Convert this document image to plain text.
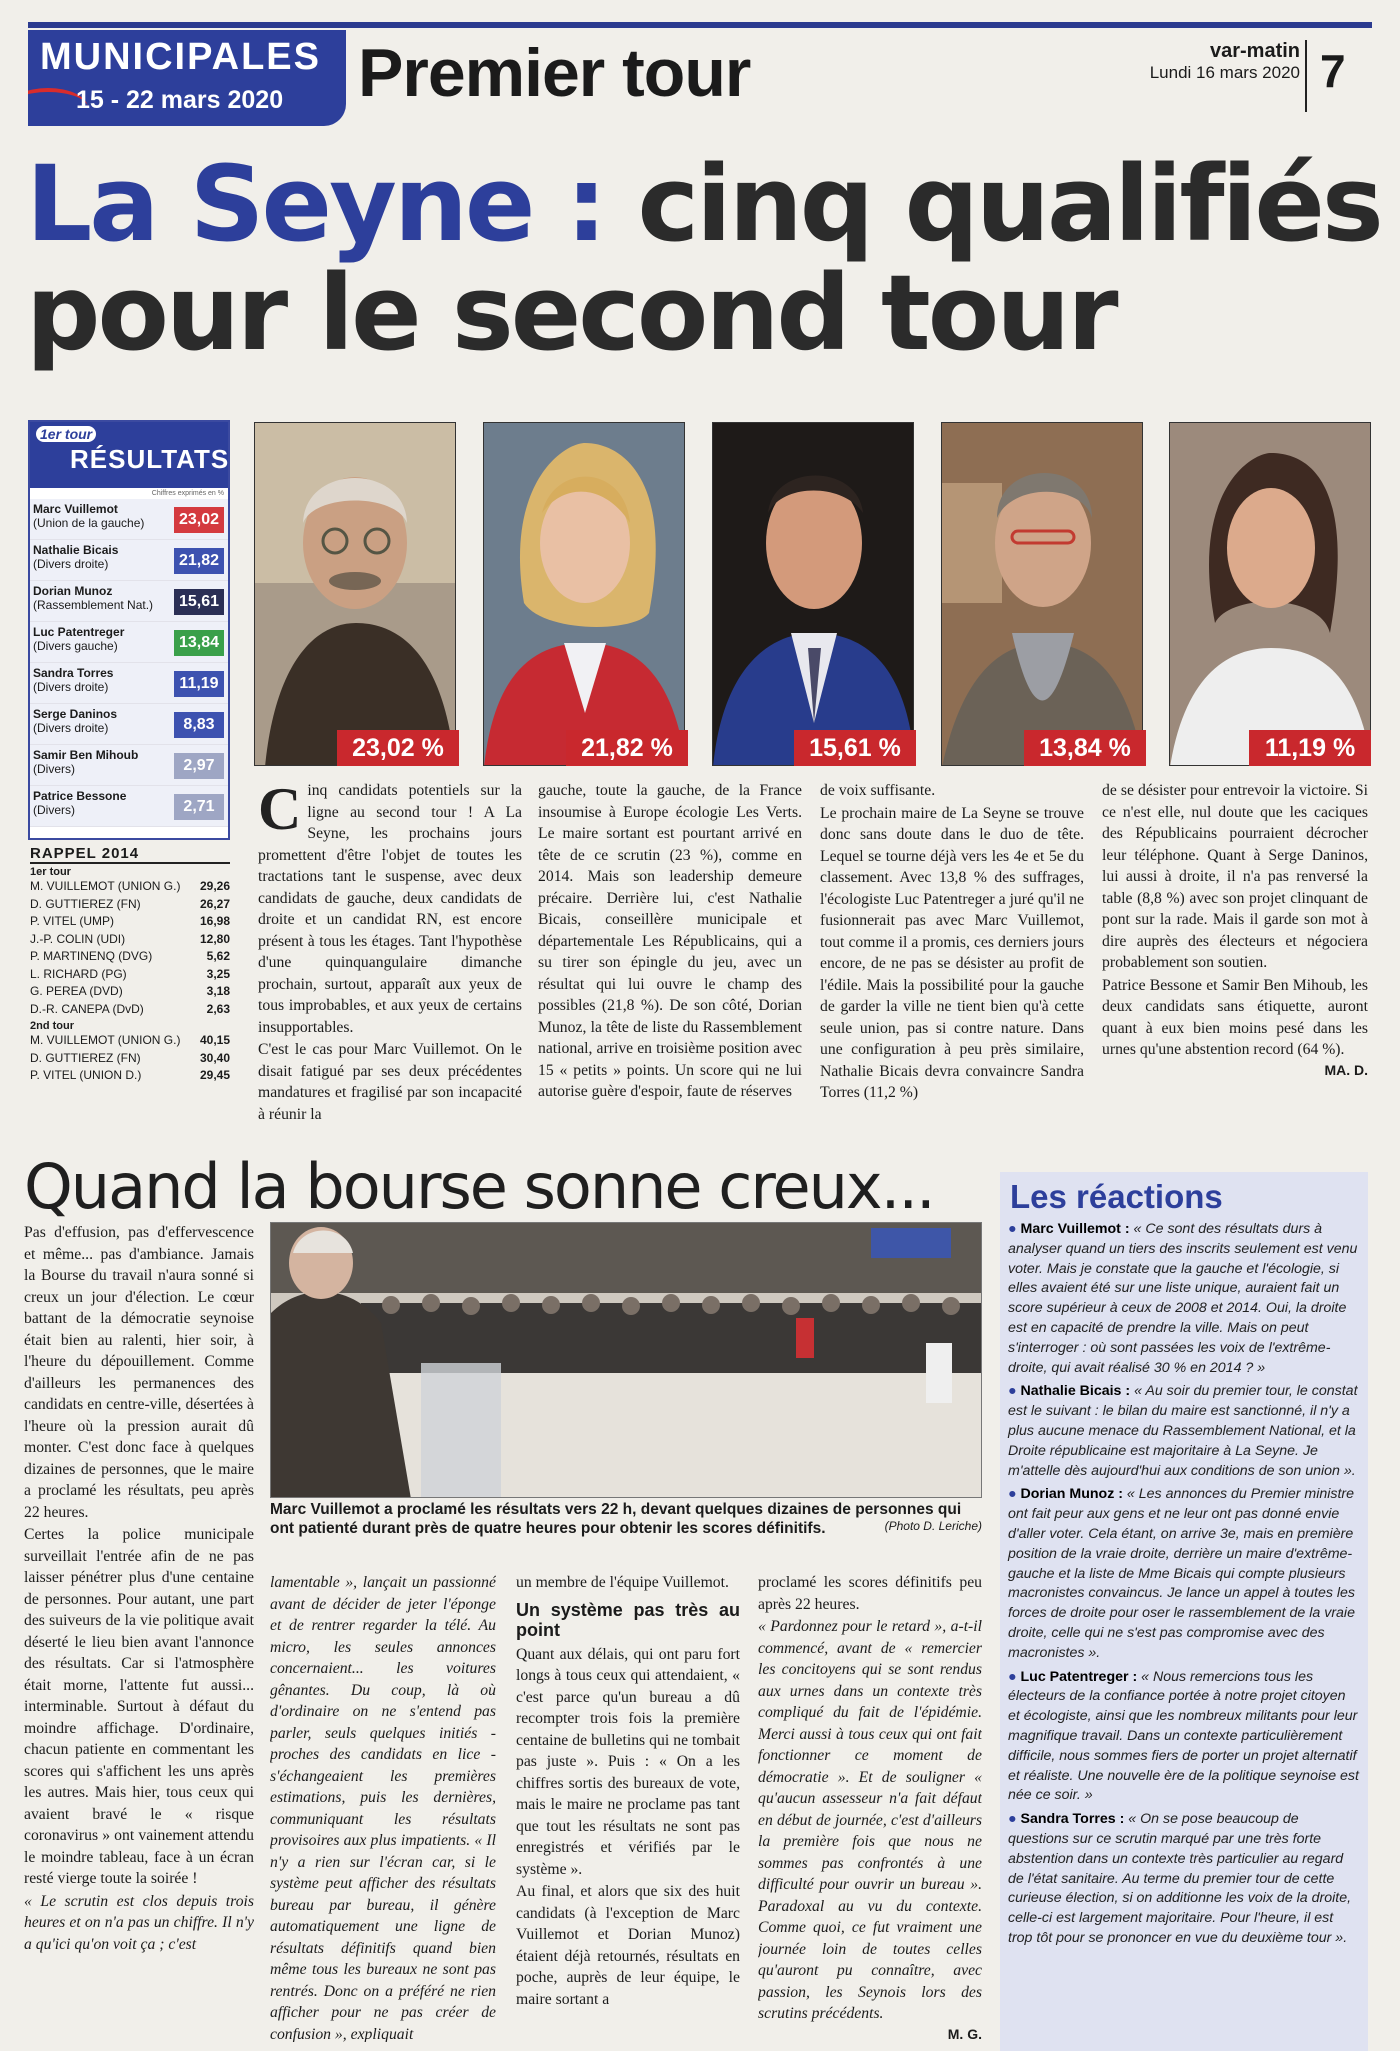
MUNICIPALES
15 - 22 mars 2020 Premier tour	var-matin
Lundi 16 mars 2020 7
La Seyne : cinq qualifiés
pour le second tour
1er tour
RÉSULTATS
Chiffres exprimés en %
Marc Vuillemot
(Union de la gauche)	23,02
Nathalie Bicais
(Divers droite)	21,82
Dorian Munoz
(Rassemblement Nat.)	15,61
Luc Patentreger
(Divers gauche)	13,84
Sandra Torres
(Divers droite)	11,19
Serge Daninos
(Divers droite)	8,83
Samir Ben Mihoub
(Divers)	2,97
Patrice Bessone
(Divers)	2,71
RAPPEL 2014
1er tour
M. VUILLEMOT (UNION G.) 29,26
D. GUTTIEREZ (FN)	26,27
P. VITEL (UMP)	16,98
J.-P. COLIN (UDI)	12,80
P. MARTINENQ (DVG)	5,62
L. RICHARD (PG)	3,25
G. PEREA (DVD)	3,18
D.-R. CANEPA (DvD)	2,63
2nd tour
M. VUILLEMOT (UNION G.) 40,15
D. GUTTIEREZ (FN)	30,40
P. VITEL (UNION D.)	29,45
23,02 %	21,82 %	15,61 %	13,84 %	11,19 %
C inq candidats potentiels sur la ligne au second tour ! A La Seyne, les prochains jours promettent d'être l'objet de toutes les tractations tant le suspense, avec deux candidats de gauche, deux candidats de droite et un candidat RN, est encore présent à tous les étages. Tant l'hypothèse d'une quinquangulaire dimanche prochain, surtout, apparaît aux yeux de tous improbables, et aux yeux de certains insupportables.

C'est le cas pour Marc Vuillemot. On le disait fatigué par ses deux précédentes mandatures et fragilisé par son incapacité à réunir la

gauche, toute la gauche, de la France insoumise à Europe écologie Les Verts. Le maire sortant est pourtant arrivé en tête de ce scrutin (23 %), comme en 2014. Mais son leadership demeure précaire. Derrière lui, c'est Nathalie Bicais, conseillère municipale et départementale Les Républicains, qui a su tirer son épingle du jeu, avec un résultat qui lui ouvre le champ des possibles (21,8 %). De son côté, Dorian Munoz, la tête de liste du Rassemblement national, arrive en troisième position avec 15 « petits » points. Un score qui ne lui autorise guère d'espoir, faute de réserves

de voix suffisante.

Le prochain maire de La Seyne se trouve donc sans doute dans le duo de tête. Lequel se tourne déjà vers les 4e et 5e du classement. Avec 13,8 % des suffrages, l'écologiste Luc Patentreger a juré qu'il ne fusionnerait pas avec Marc Vuillemot, tout comme il a promis, ces derniers jours encore, de ne pas se désister au profit de l'édile. Mais la possibilité pour la gauche de garder la ville ne tient bien qu'à cette seule union, pas si contre nature. Dans une configuration à peu près similaire, Nathalie Bicais devra convaincre Sandra Torres (11,2 %)

de se désister pour entrevoir la victoire. Si ce n'est elle, nul doute que les caciques des Républicains pourraient décrocher leur téléphone. Quant à Serge Daninos, lui aussi à droite, il n'a pas renversé la table (8,8 %) avec son projet clinquant de pont sur la rade. Mais il garde son mot à dire auprès des électeurs et négociera probablement son soutien.

Patrice Bessone et Samir Ben Mihoub, les deux candidats sans étiquette, auront quant à eux bien moins pesé dans les urnes qu'une abstention record (64 %).

MA. D.
Quand la bourse sonne creux...
Marc Vuillemot a proclamé les résultats vers 22 h, devant quelques dizaines de personnes qui ont patienté durant près de quatre heures pour obtenir les scores définitifs.	(Photo D. Leriche)

Pas d'effusion, pas d'effervescence et même... pas d'ambiance. Jamais la Bourse du travail n'aura sonné si creux un jour d'élection. Le cœur battant de la démocratie seynoise était bien au ralenti, hier soir, à l'heure du dépouillement. Comme d'ailleurs les permanences des candidats en centre-ville, désertées à l'heure où la pression aurait dû monter. C'est donc face à quelques dizaines de personnes, que le maire a proclamé les résultats, peu après 22 heures.

Certes la police municipale surveillait l'entrée afin de ne pas laisser pénétrer plus d'une centaine de personnes. Pour autant, une part des suiveurs de la vie politique avait déserté le lieu bien avant l'annonce des résultats. Car si l'atmosphère était morne, l'attente fut aussi... interminable. Surtout à défaut du moindre affichage. D'ordinaire, chacun patiente en commentant les scores qui s'affichent les uns après les autres. Mais hier, tous ceux qui avaient bravé le « risque coronavirus » ont vainement attendu le moindre tableau, face à un écran resté vierge toute la soirée !

« Le scrutin est clos depuis trois heures et on n'a pas un chiffre. Il n'y a qu'ici qu'on voit ça ; c'est

lamentable », lançait un passionné avant de décider de jeter l'éponge et de rentrer regarder la télé. Au micro, les seules annonces concernaient... les voitures gênantes. Du coup, là où d'ordinaire on ne s'entend pas parler, seuls quelques initiés - proches des candidats en lice - s'échangeaient les premières estimations, puis les dernières, communiquant les résultats provisoires aux plus impatients. « Il n'y a rien sur l'écran car, si le système peut afficher des résultats bureau par bureau, il génère automatiquement une ligne de résultats définitifs quand bien même tous les bureaux ne sont pas rentrés. Donc on a préféré ne rien afficher pour ne pas créer de confusion », expliquait

un membre de l'équipe Vuillemot.

Un système pas très au point

Quant aux délais, qui ont paru fort longs à tous ceux qui attendaient, « c'est parce qu'un bureau a dû recompter trois fois la première centaine de bulletins qui ne tombait pas juste ». Puis : « On a les chiffres sortis des bureaux de vote, mais le maire ne proclame pas tant que tout les résultats ne sont pas enregistrés et vérifiés par le système ».

Au final, et alors que six des huit candidats (à l'exception de Marc Vuillemot et Dorian Munoz) étaient déjà retournés, résultats en poche, auprès de leur équipe, le maire sortant a

proclamé les scores définitifs peu après 22 heures.

« Pardonnez pour le retard », a-t-il commencé, avant de « remercier les concitoyens qui se sont rendus aux urnes dans un contexte très compliqué du fait de l'épidémie. Merci aussi à tous ceux qui ont fait fonctionner ce moment de démocratie ». Et de souligner « qu'aucun assesseur n'a fait défaut en début de journée, c'est d'ailleurs la première fois que nous ne sommes pas confrontés à une difficulté pour ouvrir un bureau ». Paradoxal au vu du contexte. Comme quoi, ce fut vraiment une journée loin de toutes celles qu'auront pu connaître, avec passion, les Seynois lors des scrutins précédents.

M. G.
Les réactions

● Marc Vuillemot : « Ce sont des résultats durs à analyser quand un tiers des inscrits seulement est venu voter. Mais je constate que la gauche et l'écologie, si elles avaient été sur une liste unique, auraient fait un score supérieur à ceux de 2008 et 2014. Oui, la droite est en capacité de prendre la ville. Mais on peut s'interroger : où sont passées les voix de l'extrême-droite, qui avait réalisé 30 % en 2014 ? »

● Nathalie Bicais : « Au soir du premier tour, le constat est le suivant : le bilan du maire est sanctionné, il n'y a plus aucune menace du Rassemblement National, et la Droite républicaine est majoritaire à La Seyne. Je m'attelle dès aujourd'hui aux conditions de son union ».

● Dorian Munoz : « Les annonces du Premier ministre ont fait peur aux gens et ne leur ont pas donné envie d'aller voter. Cela étant, on arrive 3e, mais en première position de la vraie droite, derrière un maire d'extrême-gauche et la liste de Mme Bicais qui compte plusieurs macronistes convaincus. Je lance un appel à toutes les forces de droite pour oser le rassemblement de la vraie droite, celle qui ne s'est pas compromise avec des macronistes ».

● Luc Patentreger : « Nous remercions tous les électeurs de la confiance portée à notre projet citoyen et écologiste, ainsi que les nombreux militants pour leur magnifique travail. Dans un contexte particulièrement difficile, nous sommes fiers de porter un projet alternatif et réaliste. Une nouvelle ère de la politique seynoise est née ce soir. »

● Sandra Torres : « On se pose beaucoup de questions sur ce scrutin marqué par une très forte abstention dans un contexte très particulier au regard de l'état sanitaire. Au terme du premier tour de cette curieuse élection, si on additionne les voix de la droite, celle-ci est largement majoritaire. Pour l'heure, il est trop tôt pour se prononcer en vue du deuxième tour ».
